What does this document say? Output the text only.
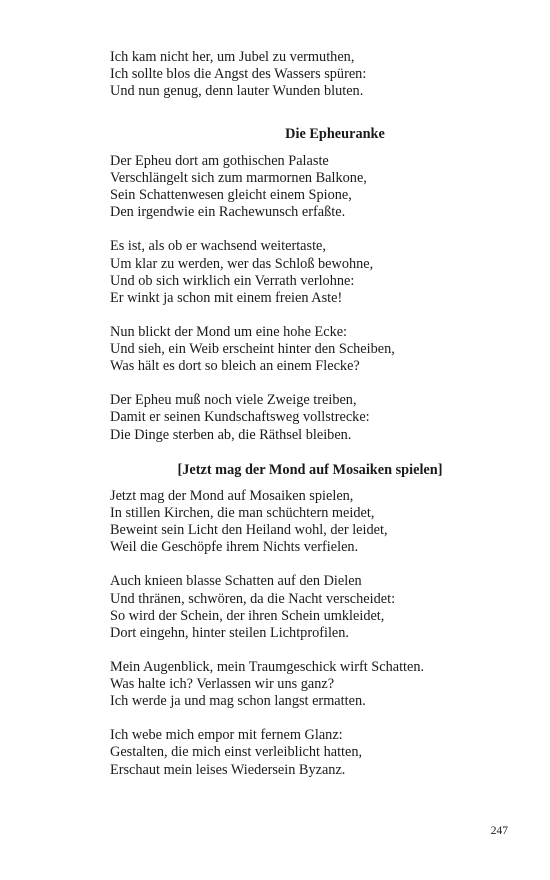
Ich kam nicht her, um Jubel zu vermuthen,
Ich sollte blos die Angst des Wassers spüren:
Und nun genug, denn lauter Wunden bluten.
Die Epheuranke
Der Epheu dort am gothischen Palaste
Verschlängelt sich zum marmornen Balkone,
Sein Schattenwesen gleicht einem Spione,
Den irgendwie ein Rachewunsch erfaßte.
Es ist, als ob er wachsend weitertaste,
Um klar zu werden, wer das Schloß bewohne,
Und ob sich wirklich ein Verrath verlohne:
Er winkt ja schon mit einem freien Aste!
Nun blickt der Mond um eine hohe Ecke:
Und sieh, ein Weib erscheint hinter den Scheiben,
Was hält es dort so bleich an einem Flecke?
Der Epheu muß noch viele Zweige treiben,
Damit er seinen Kundschaftsweg vollstrecke:
Die Dinge sterben ab, die Räthsel bleiben.
[Jetzt mag der Mond auf Mosaiken spielen]
Jetzt mag der Mond auf Mosaiken spielen,
In stillen Kirchen, die man schüchtern meidet,
Beweint sein Licht den Heiland wohl, der leidet,
Weil die Geschöpfe ihrem Nichts verfielen.
Auch knieen blasse Schatten auf den Dielen
Und thränen, schwören, da die Nacht verscheidet:
So wird der Schein, der ihren Schein umkleidet,
Dort eingehn, hinter steilen Lichtprofilen.
Mein Augenblick, mein Traumgeschick wirft Schatten.
Was halte ich? Verlassen wir uns ganz?
Ich werde ja und mag schon langst ermatten.
Ich webe mich empor mit fernem Glanz:
Gestalten, die mich einst verleiblicht hatten,
Erschaut mein leises Wiedersein Byzanz.
247
